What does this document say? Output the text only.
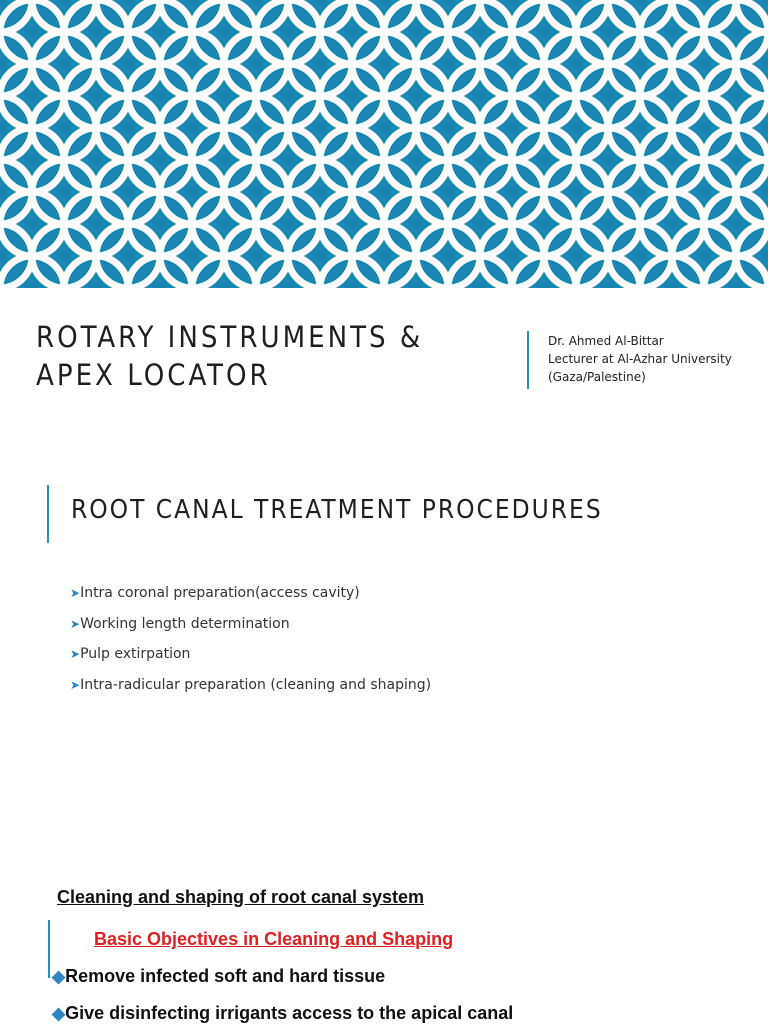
ROTARY INSTRUMENTS & APEX LOCATOR
Dr. Ahmed Al-Bittar
Lecturer at Al-Azhar University
(Gaza/Palestine)
ROOT CANAL TREATMENT PROCEDURES
➤Intra coronal preparation(access cavity)
➤Working length determination
➤Pulp extirpation
➤Intra-radicular preparation (cleaning and shaping)
Cleaning and shaping of root canal system
Basic Objectives in Cleaning and Shaping
◆Remove infected soft and hard tissue
◆Give disinfecting irrigants access to the apical canal
